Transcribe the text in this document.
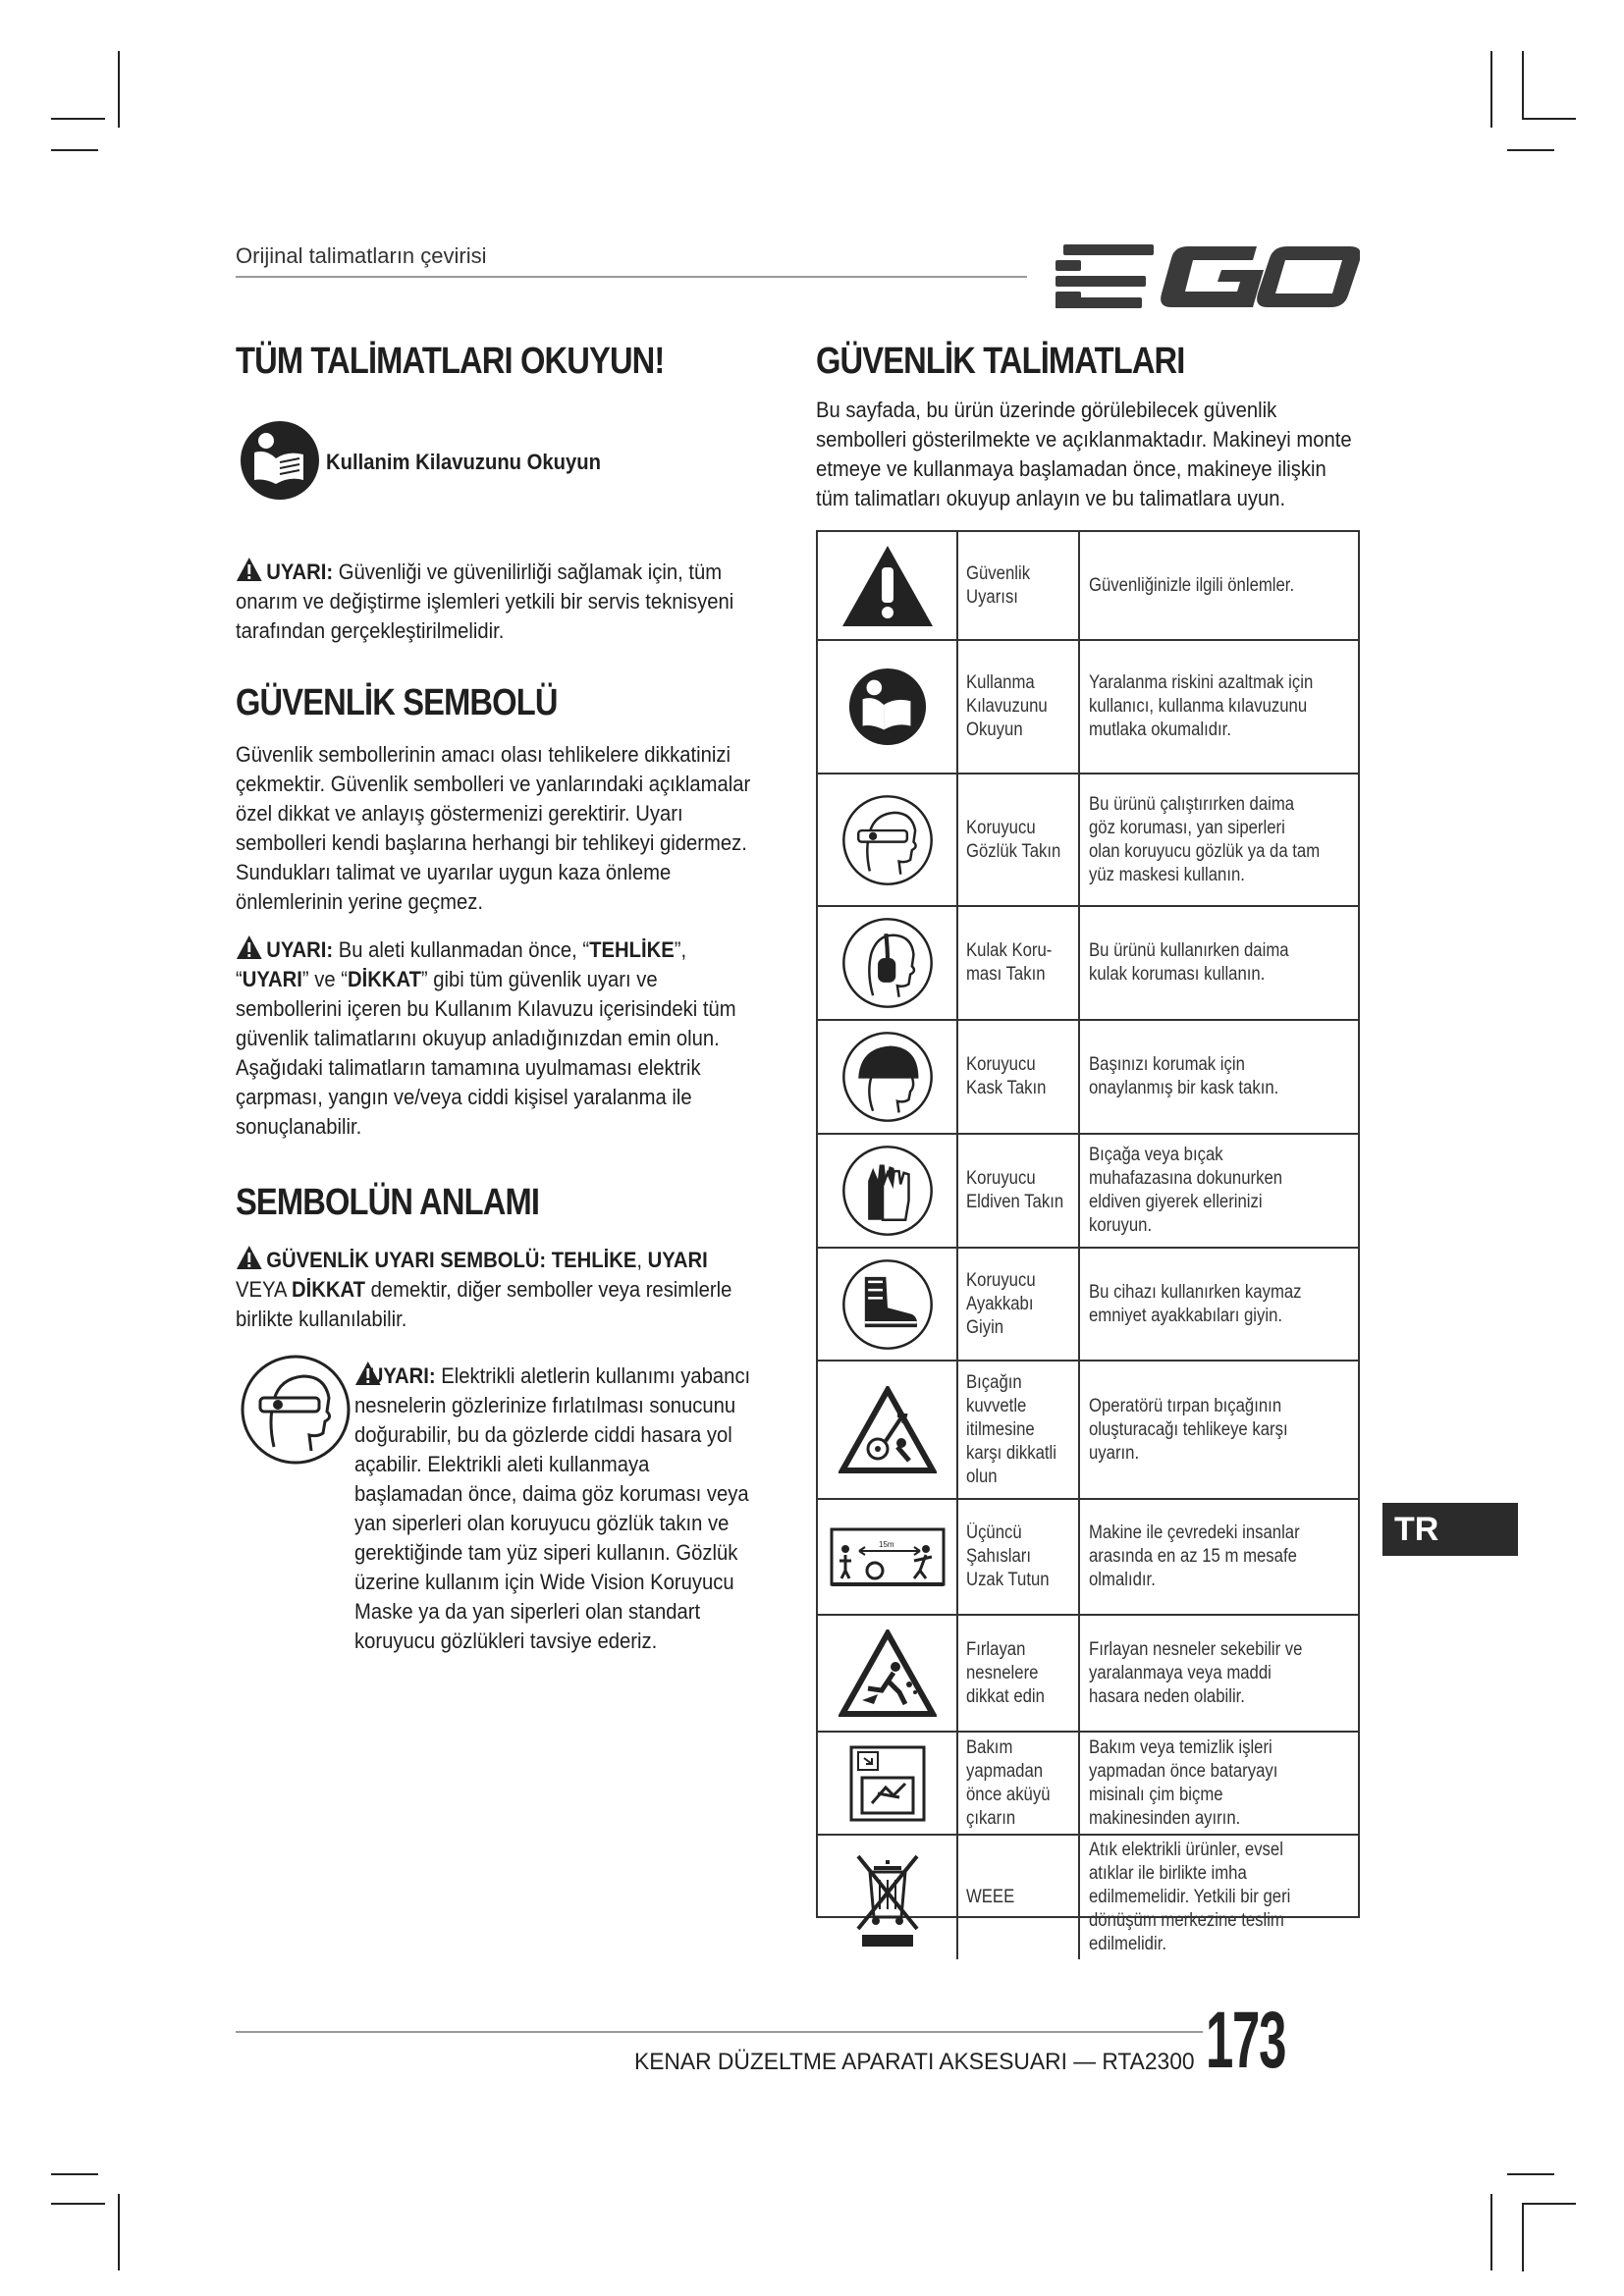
Orijinal talimatların çevirisi
TÜM TALİMATLARI OKUYUN!
Kullanim Kilavuzunu Okuyun

UYARI: Güvenliği ve güvenilirliği sağlamak için, tüm onarım ve değiştirme işlemleri yetkili bir servis teknisyeni tarafından gerçekleştirilmelidir.

GÜVENLİK SEMBOLÜ

Güvenlik sembollerinin amacı olası tehlikelere dikkatinizi çekmektir. Güvenlik sembolleri ve yanlarındaki açıklamalar özel dikkat ve anlayış göstermenizi gerektirir. Uyarı sembolleri kendi başlarına herhangi bir tehlikeyi gidermez. Sundukları talimat ve uyarılar uygun kaza önleme önlemlerinin yerine geçmez.

UYARI: Bu aleti kullanmadan önce, “TEHLİKE”, “UYARI” ve “DİKKAT” gibi tüm güvenlik uyarı ve sembollerini içeren bu Kullanım Kılavuzu içerisindeki tüm güvenlik talimatlarını okuyup anladığınızdan emin olun. Aşağıdaki talimatların tamamına uyulmaması elektrik çarpması, yangın ve/veya ciddi kişisel yaralanma ile sonuçlanabilir.

SEMBOLÜN ANLAMI

GÜVENLİK UYARI SEMBOLÜ: TEHLİKE, UYARI VEYA DİKKAT demektir, diğer semboller veya resimlerle birlikte kullanılabilir.

UYARI: Elektrikli aletlerin kullanımı yabancı nesnelerin gözlerinize fırlatılması sonucunu doğurabilir, bu da gözlerde ciddi hasara yol açabilir. Elektrikli aleti kullanmaya başlamadan önce, daima göz koruması veya yan siperleri olan koruyucu gözlük takın ve gerektiğinde tam yüz siperi kullanın. Gözlük üzerine kullanım için Wide Vision Koruyucu Maske ya da yan siperleri olan standart koruyucu gözlükleri tavsiye ederiz.

GÜVENLİK TALİMATLARI

Bu sayfada, bu ürün üzerinde görülebilecek güvenlik sembolleri gösterilmekte ve açıklanmaktadır. Makineyi monte etmeye ve kullanmaya başlamadan önce, makineye ilişkin tüm talimatları okuyup anlayın ve bu talimatlara uyun.

Güvenlik
Uyarısı
Güvenliğinizle ilgili önlemler.
Kullanma
Kılavuzunu
Okuyun
Yaralanma riskini azaltmak için kullanıcı, kullanma kılavuzunu mutlaka okumalıdır.
Koruyucu
Gözlük Takın
Bu ürünü çalıştırırken daima göz koruması, yan siperleri olan koruyucu gözlük ya da tam yüz maskesi kullanın.
Kulak Koru-
ması Takın
Bu ürünü kullanırken daima kulak koruması kullanın.
Koruyucu
Kask Takın
Başınızı korumak için onaylanmış bir kask takın.
Koruyucu
Eldiven Takın
Bıçağa veya bıçak muhafazasına dokunurken eldiven giyerek ellerinizi koruyun.
Koruyucu
Ayakkabı
Giyin
Bu cihazı kullanırken kaymaz emniyet ayakkabıları giyin.
Bıçağın
kuvvetle
itilmesine
karşı dikkatli
olun
Operatörü tırpan bıçağının oluşturacağı tehlikeye karşı uyarın.
15m
Üçüncü
Şahısları
Uzak Tutun
Makine ile çevredeki insanlar arasında en az 15 m mesafe olmalıdır.
Fırlayan
nesnelere
dikkat edin
Fırlayan nesneler sekebilir ve yaralanmaya veya maddi hasara neden olabilir.
Bakım
yapmadan
önce aküyü
çıkarın
Bakım veya temizlik işleri yapmadan önce bataryayı misinalı çim biçme makinesinden ayırın.
WEEE
Atık elektrikli ürünler, evsel atıklar ile birlikte imha edilmemelidir. Yetkili bir geri dönüşüm merkezine teslim edilmelidir.
TR
KENAR DÜZELTME APARATI AKSESUARI — RTA2300 173
